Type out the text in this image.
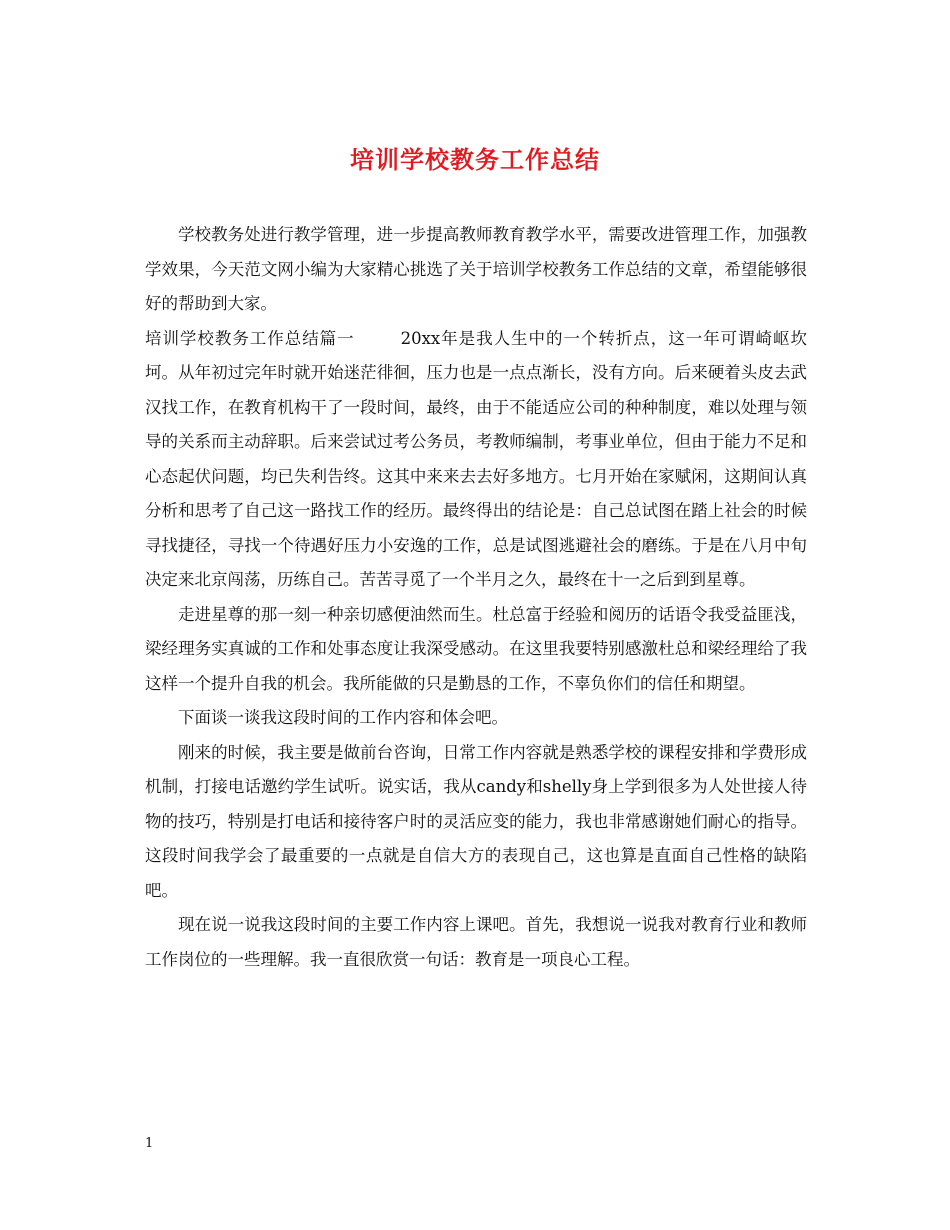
培训学校教务工作总结

学校教务处进行教学管理，进一步提高教师教育教学水平，需要改进管理工作，加强教学效果，今天范文网小编为大家精心挑选了关于培训学校教务工作总结的文章，希望能够很好的帮助到大家。

培训学校教务工作总结篇一	20xx年是我人生中的一个转折点，这一年可谓崎岖坎坷。从年初过完年时就开始迷茫徘徊，压力也是一点点渐长，没有方向。后来硬着头皮去武汉找工作，在教育机构干了一段时间，最终，由于不能适应公司的种种制度，难以处理与领导的关系而主动辞职。后来尝试过考公务员，考教师编制，考事业单位，但由于能力不足和心态起伏问题，均已失利告终。这其中来来去去好多地方。七月开始在家赋闲，这期间认真分析和思考了自己这一路找工作的经历。最终得出的结论是：自己总试图在踏上社会的时候寻找捷径，寻找一个待遇好压力小安逸的工作，总是试图逃避社会的磨练。于是在八月中旬决定来北京闯荡，历练自己。苦苦寻觅了一个半月之久，最终在十一之后到到星尊。

走进星尊的那一刻一种亲切感便油然而生。杜总富于经验和阅历的话语令我受益匪浅，梁经理务实真诚的工作和处事态度让我深受感动。在这里我要特别感激杜总和梁经理给了我这样一个提升自我的机会。我所能做的只是勤恳的工作，不辜负你们的信任和期望。

下面谈一谈我这段时间的工作内容和体会吧。

刚来的时候，我主要是做前台咨询，日常工作内容就是熟悉学校的课程安排和学费形成机制，打接电话邀约学生试听。说实话，我从candy和shelly身上学到很多为人处世接人待物的技巧，特别是打电话和接待客户时的灵活应变的能力，我也非常感谢她们耐心的指导。这段时间我学会了最重要的一点就是自信大方的表现自己，这也算是直面自己性格的缺陷吧。

现在说一说我这段时间的主要工作内容上课吧。首先，我想说一说我对教育行业和教师工作岗位的一些理解。我一直很欣赏一句话：教育是一项良心工程。

1
